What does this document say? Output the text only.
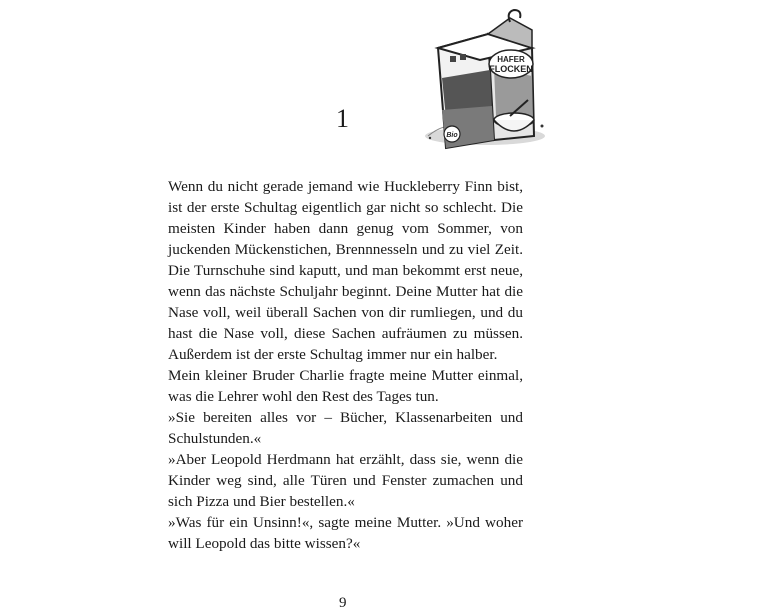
1
HAFER
FLOCKEN
Bio

Wenn du nicht gerade jemand wie Huckleberry Finn bist, ist der erste Schultag eigentlich gar nicht so schlecht. Die meisten Kinder haben dann genug vom Sommer, von juckenden Mückenstichen, Brennnesseln und zu viel Zeit. Die Turnschuhe sind kaputt, und man bekommt erst neue, wenn das nächste Schuljahr beginnt. Deine Mutter hat die Nase voll, weil überall Sachen von dir rumliegen, und du hast die Nase voll, diese Sachen aufräumen zu müssen. Außerdem ist der erste Schultag immer nur ein halber.

Mein kleiner Bruder Charlie fragte meine Mutter einmal, was die Lehrer wohl den Rest des Tages tun.

»Sie bereiten alles vor – Bücher, Klassenarbeiten und Schulstunden.«

»Aber Leopold Herdmann hat erzählt, dass sie, wenn die Kinder weg sind, alle Türen und Fenster zumachen und sich Pizza und Bier bestellen.«

»Was für ein Unsinn!«, sagte meine Mutter. »Und woher will Leopold das bitte wissen?«

9
